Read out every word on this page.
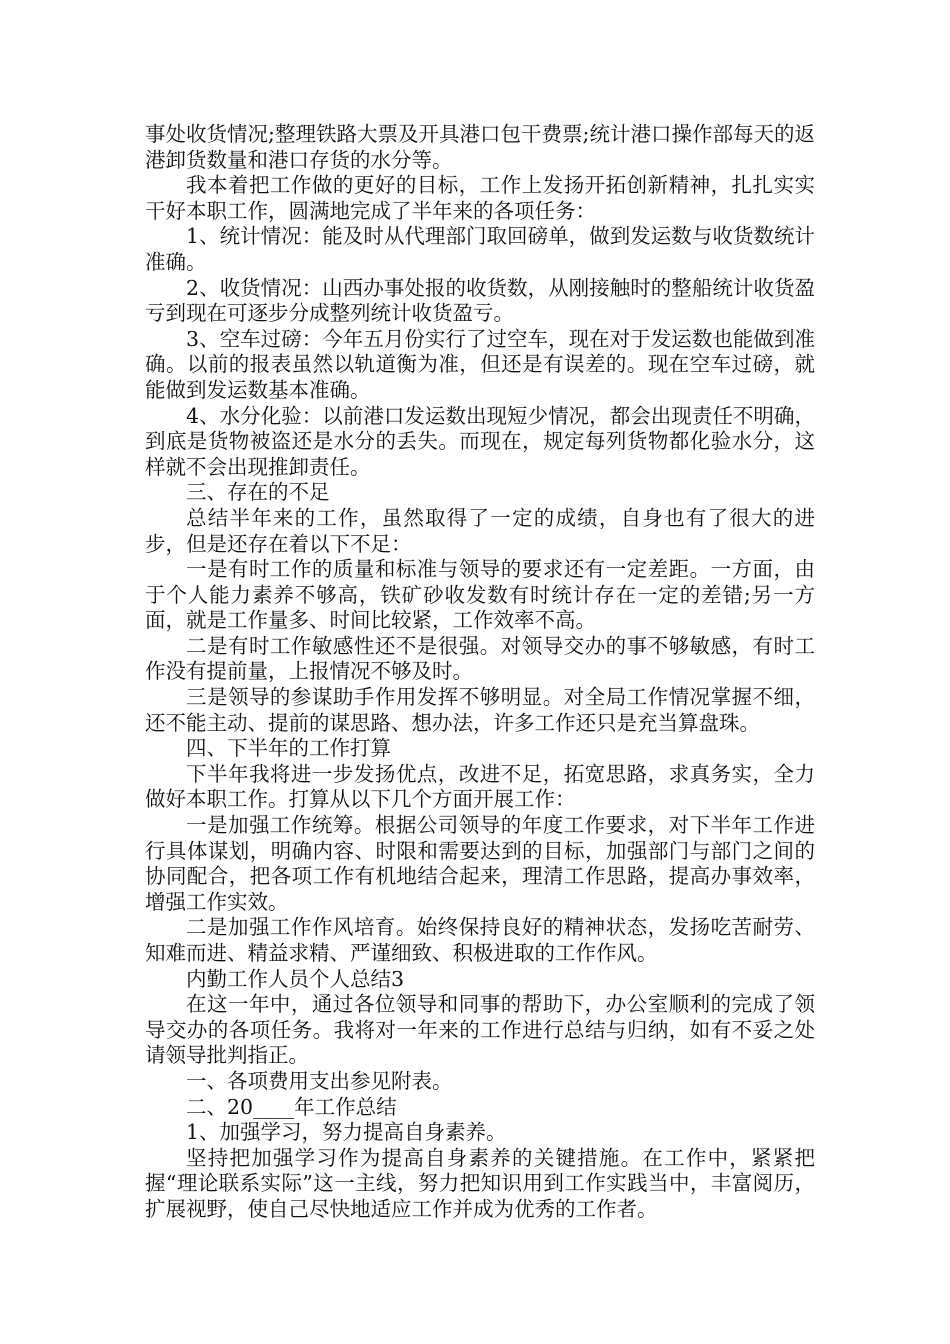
事处收货情况;整理铁路大票及开具港口包干费票;统计港口操作部每天的返港卸货数量和港口存货的水分等。

我本着把工作做的更好的目标，工作上发扬开拓创新精神，扎扎实实干好本职工作，圆满地完成了半年来的各项任务：

1、统计情况：能及时从代理部门取回磅单，做到发运数与收货数统计准确。

2、收货情况：山西办事处报的收货数，从刚接触时的整船统计收货盈亏到现在可逐步分成整列统计收货盈亏。

3、空车过磅：今年五月份实行了过空车，现在对于发运数也能做到准确。以前的报表虽然以轨道衡为准，但还是有误差的。现在空车过磅，就能做到发运数基本准确。

4、水分化验：以前港口发运数出现短少情况，都会出现责任不明确，到底是货物被盗还是水分的丢失。而现在，规定每列货物都化验水分，这样就不会出现推卸责任。

三、存在的不足

总结半年来的工作，虽然取得了一定的成绩，自身也有了很大的进步，但是还存在着以下不足：

一是有时工作的质量和标准与领导的要求还有一定差距。一方面，由于个人能力素养不够高，铁矿砂收发数有时统计存在一定的差错;另一方面，就是工作量多、时间比较紧，工作效率不高。

二是有时工作敏感性还不是很强。对领导交办的事不够敏感，有时工作没有提前量，上报情况不够及时。

三是领导的参谋助手作用发挥不够明显。对全局工作情况掌握不细，还不能主动、提前的谋思路、想办法，许多工作还只是充当算盘珠。

四、下半年的工作打算

下半年我将进一步发扬优点，改进不足，拓宽思路，求真务实，全力做好本职工作。打算从以下几个方面开展工作：

一是加强工作统筹。根据公司领导的年度工作要求，对下半年工作进行具体谋划，明确内容、时限和需要达到的目标，加强部门与部门之间的协同配合，把各项工作有机地结合起来，理清工作思路，提高办事效率，增强工作实效。

二是加强工作作风培育。始终保持良好的精神状态，发扬吃苦耐劳、知难而进、精益求精、严谨细致、积极进取的工作作风。

内勤工作人员个人总结3

在这一年中，通过各位领导和同事的帮助下，办公室顺利的完成了领导交办的各项任务。我将对一年来的工作进行总结与归纳，如有不妥之处请领导批判指正。

一、各项费用支出参见附表。

二、20____年工作总结

1、加强学习，努力提高自身素养。

坚持把加强学习作为提高自身素养的关键措施。在工作中，紧紧把握“理论联系实际”这一主线，努力把知识用到工作实践当中，丰富阅历，扩展视野，使自己尽快地适应工作并成为优秀的工作者。
